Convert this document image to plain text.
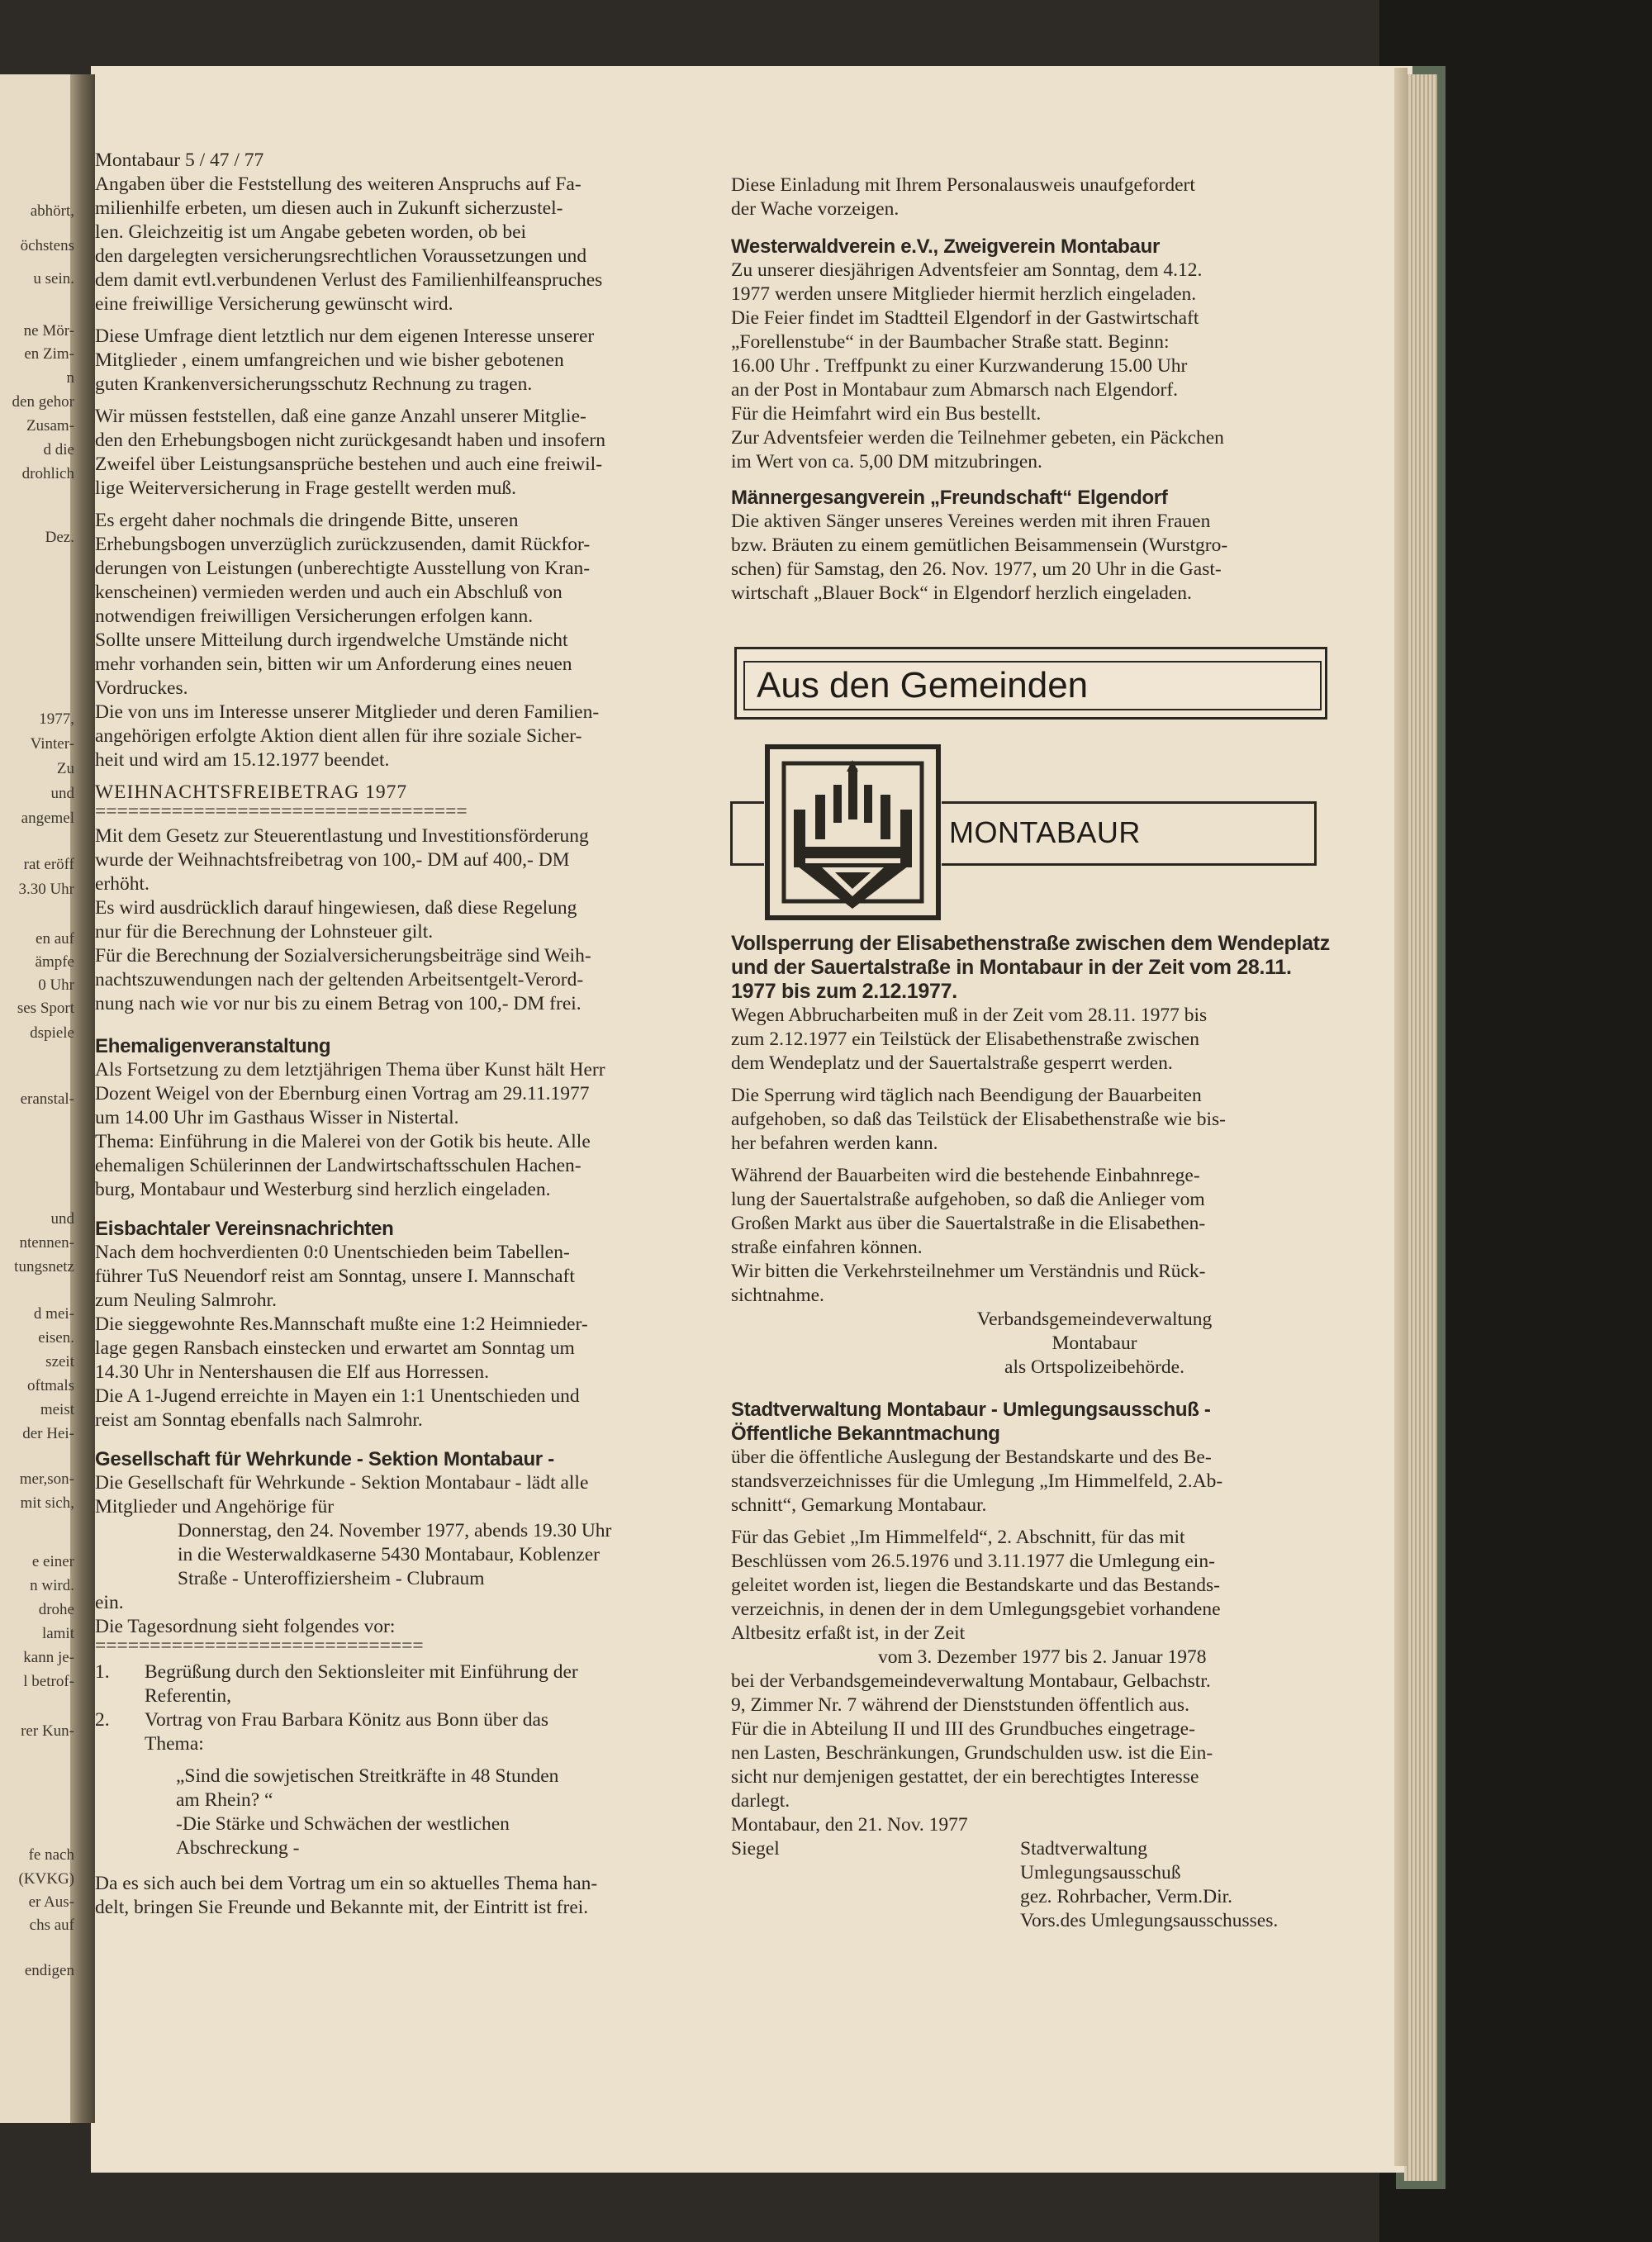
abhört,
öchstens
u sein.
ne Mör-
en Zim-
n
den gehor
Zusam-
d die
drohlich
Dez.
1977,
Vinter-
Zu
und
angemel
rat eröff
3.30 Uhr
en auf
ämpfe
0 Uhr
ses Sport
dspiele
eranstal-
und
ntennen-
tungsnetz
d mei-
eisen.
szeit
oftmals
meist
der Hei-
mer,son-
mit sich,
e einer
n wird.
drohe
lamit
kann je-
l betrof-
rer Kun-
fe nach
(KVKG)
er Aus-
chs auf
endigen

Montabaur 5 / 47 / 77

Angaben über die Feststellung des weiteren Anspruchs auf Fa-

milienhilfe erbeten, um diesen auch in Zukunft sicherzustel-

len. Gleichzeitig ist um Angabe gebeten worden, ob bei

den dargelegten versicherungsrechtlichen Voraussetzungen und

dem damit evtl.verbundenen Verlust des Familienhilfeanspruches

eine freiwillige Versicherung gewünscht wird.

Diese Umfrage dient letztlich nur dem eigenen Interesse unserer

Mitglieder , einem umfangreichen und wie bisher gebotenen

guten Krankenversicherungsschutz Rechnung zu tragen.

Wir müssen feststellen, daß eine ganze Anzahl unserer Mitglie-

den den Erhebungsbogen nicht zurückgesandt haben und insofern

Zweifel über Leistungsansprüche bestehen und auch eine freiwil-

lige Weiterversicherung in Frage gestellt werden muß.

Es ergeht daher nochmals die dringende Bitte, unseren

Erhebungsbogen unverzüglich zurückzusenden, damit Rückfor-

derungen von Leistungen (unberechtigte Ausstellung von Kran-

kenscheinen) vermieden werden und auch ein Abschluß von

notwendigen freiwilligen Versicherungen erfolgen kann.

Sollte unsere Mitteilung durch irgendwelche Umstände nicht

mehr vorhanden sein, bitten wir um Anforderung eines neuen

Vordruckes.

Die von uns im Interesse unserer Mitglieder und deren Familien-

angehörigen erfolgte Aktion dient allen für ihre soziale Sicher-

heit und wird am 15.12.1977 beendet.

WEIHNACHTSFREIBETRAG 1977

==================================

Mit dem Gesetz zur Steuerentlastung und Investitionsförderung

wurde der Weihnachtsfreibetrag von 100,- DM auf 400,- DM

erhöht.

Es wird ausdrücklich darauf hingewiesen, daß diese Regelung

nur für die Berechnung der Lohnsteuer gilt.

Für die Berechnung der Sozialversicherungsbeiträge sind Weih-

nachtszuwendungen nach der geltenden Arbeitsentgelt-Verord-

nung nach wie vor nur bis zu einem Betrag von 100,- DM frei.

Ehemaligenveranstaltung

Als Fortsetzung zu dem letztjährigen Thema über Kunst hält Herr

Dozent Weigel von der Ebernburg einen Vortrag am 29.11.1977

um 14.00 Uhr im Gasthaus Wisser in Nistertal.

Thema: Einführung in die Malerei von der Gotik bis heute. Alle

ehemaligen Schülerinnen der Landwirtschaftsschulen Hachen-

burg, Montabaur und Westerburg sind herzlich eingeladen.

Eisbachtaler Vereinsnachrichten

Nach dem hochverdienten 0:0 Unentschieden beim Tabellen-

führer TuS Neuendorf reist am Sonntag, unsere I. Mannschaft

zum Neuling Salmrohr.

Die sieggewohnte Res.Mannschaft mußte eine 1:2 Heimnieder-

lage gegen Ransbach einstecken und erwartet am Sonntag um

14.30 Uhr in Nentershausen die Elf aus Horressen.

Die A 1-Jugend erreichte in Mayen ein 1:1 Unentschieden und

reist am Sonntag ebenfalls nach Salmrohr.

Gesellschaft für Wehrkunde - Sektion Montabaur -

Die Gesellschaft für Wehrkunde - Sektion Montabaur - lädt alle

Mitglieder und Angehörige für

Donnerstag, den 24. November 1977, abends 19.30 Uhr

in die Westerwaldkaserne 5430 Montabaur, Koblenzer

Straße - Unteroffiziersheim - Clubraum

ein.

Die Tagesordnung sieht folgendes vor:

==============================

1.	Begrüßung durch den Sektionsleiter mit Einführung der

Referentin,

2.	Vortrag von Frau Barbara Könitz aus Bonn über das

Thema:

„Sind die sowjetischen Streitkräfte in 48 Stunden

am Rhein? “

-Die Stärke und Schwächen der westlichen

Abschreckung -

Da es sich auch bei dem Vortrag um ein so aktuelles Thema han-

delt, bringen Sie Freunde und Bekannte mit, der Eintritt ist frei.

Diese Einladung mit Ihrem Personalausweis unaufgefordert

der Wache vorzeigen.

Westerwaldverein e.V., Zweigverein Montabaur

Zu unserer diesjährigen Adventsfeier am Sonntag, dem 4.12.

1977 werden unsere Mitglieder hiermit herzlich eingeladen.

Die Feier findet im Stadtteil Elgendorf in der Gastwirtschaft

„Forellenstube“ in der Baumbacher Straße statt. Beginn:

16.00 Uhr . Treffpunkt zu einer Kurzwanderung 15.00 Uhr

an der Post in Montabaur zum Abmarsch nach Elgendorf.

Für die Heimfahrt wird ein Bus bestellt.

Zur Adventsfeier werden die Teilnehmer gebeten, ein Päckchen

im Wert von ca. 5,00 DM mitzubringen.

Männergesangverein „Freundschaft“ Elgendorf

Die aktiven Sänger unseres Vereines werden mit ihren Frauen

bzw. Bräuten zu einem gemütlichen Beisammensein (Wurstgro-

schen) für Samstag, den 26. Nov. 1977, um 20 Uhr in die Gast-

wirtschaft „Blauer Bock“ in Elgendorf herzlich eingeladen.

Aus den Gemeinden
MONTABAUR

Vollsperrung der Elisabethenstraße zwischen dem Wendeplatz

und der Sauertalstraße in Montabaur in der Zeit vom 28.11.

1977 bis zum 2.12.1977.

Wegen Abbrucharbeiten muß in der Zeit vom 28.11. 1977 bis

zum 2.12.1977 ein Teilstück der Elisabethenstraße zwischen

dem Wendeplatz und der Sauertalstraße gesperrt werden.

Die Sperrung wird täglich nach Beendigung der Bauarbeiten

aufgehoben, so daß das Teilstück der Elisabethenstraße wie bis-

her befahren werden kann.

Während der Bauarbeiten wird die bestehende Einbahnrege-

lung der Sauertalstraße aufgehoben, so daß die Anlieger vom

Großen Markt aus über die Sauertalstraße in die Elisabethen-

straße einfahren können.

Wir bitten die Verkehrsteilnehmer um Verständnis und Rück-

sichtnahme.

Verbandsgemeindeverwaltung

Montabaur

als Ortspolizeibehörde.

Stadtverwaltung Montabaur - Umlegungsausschuß -

Öffentliche Bekanntmachung

über die öffentliche Auslegung der Bestandskarte und des Be-

standsverzeichnisses für die Umlegung „Im Himmelfeld, 2.Ab-

schnitt“, Gemarkung Montabaur.

Für das Gebiet „Im Himmelfeld“, 2. Abschnitt, für das mit

Beschlüssen vom 26.5.1976 und 3.11.1977 die Umlegung ein-

geleitet worden ist, liegen die Bestandskarte und das Bestands-

verzeichnis, in denen der in dem Umlegungsgebiet vorhandene

Altbesitz erfaßt ist, in der Zeit

vom 3. Dezember 1977 bis 2. Januar 1978

bei der Verbandsgemeindeverwaltung Montabaur, Gelbachstr.

9, Zimmer Nr. 7 während der Dienststunden öffentlich aus.

Für die in Abteilung II und III des Grundbuches eingetrage-

nen Lasten, Beschränkungen, Grundschulden usw. ist die Ein-

sicht nur demjenigen gestattet, der ein berechtigtes Interesse

darlegt.

Montabaur, den 21. Nov. 1977

Siegel	Stadtverwaltung

Umlegungsausschuß

gez. Rohrbacher, Verm.Dir.

Vors.des Umlegungsausschusses.
